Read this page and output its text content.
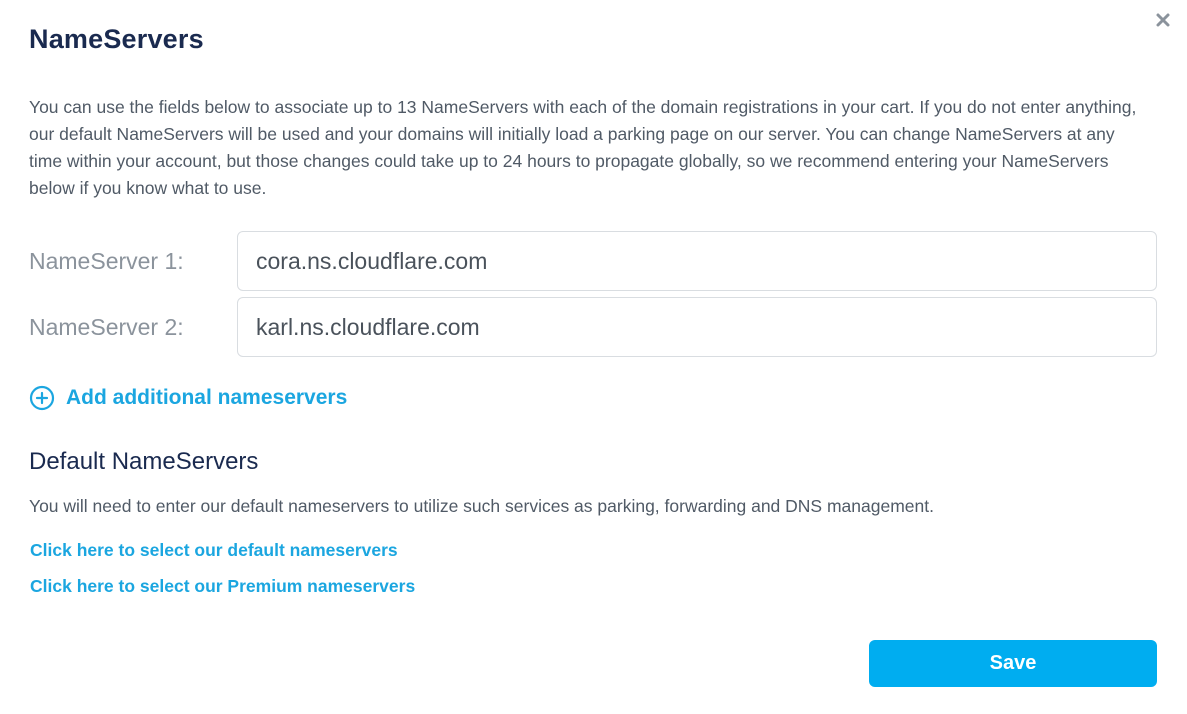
NameServers

You can use the fields below to associate up to 13 NameServers with each of the domain registrations in your cart. If you do not enter anything, our default NameServers will be used and your domains will initially load a parking page on our server. You can change NameServers at any time within your account, but those changes could take up to 24 hours to propagate globally, so we recommend entering your NameServers below if you know what to use.

NameServer 1:
cora.ns.cloudflare.com
NameServer 2:
karl.ns.cloudflare.com
Add additional nameservers
Default NameServers

You will need to enter our default nameservers to utilize such services as parking, forwarding and DNS management.

Click here to select our default nameservers
Click here to select our Premium nameservers
Save
